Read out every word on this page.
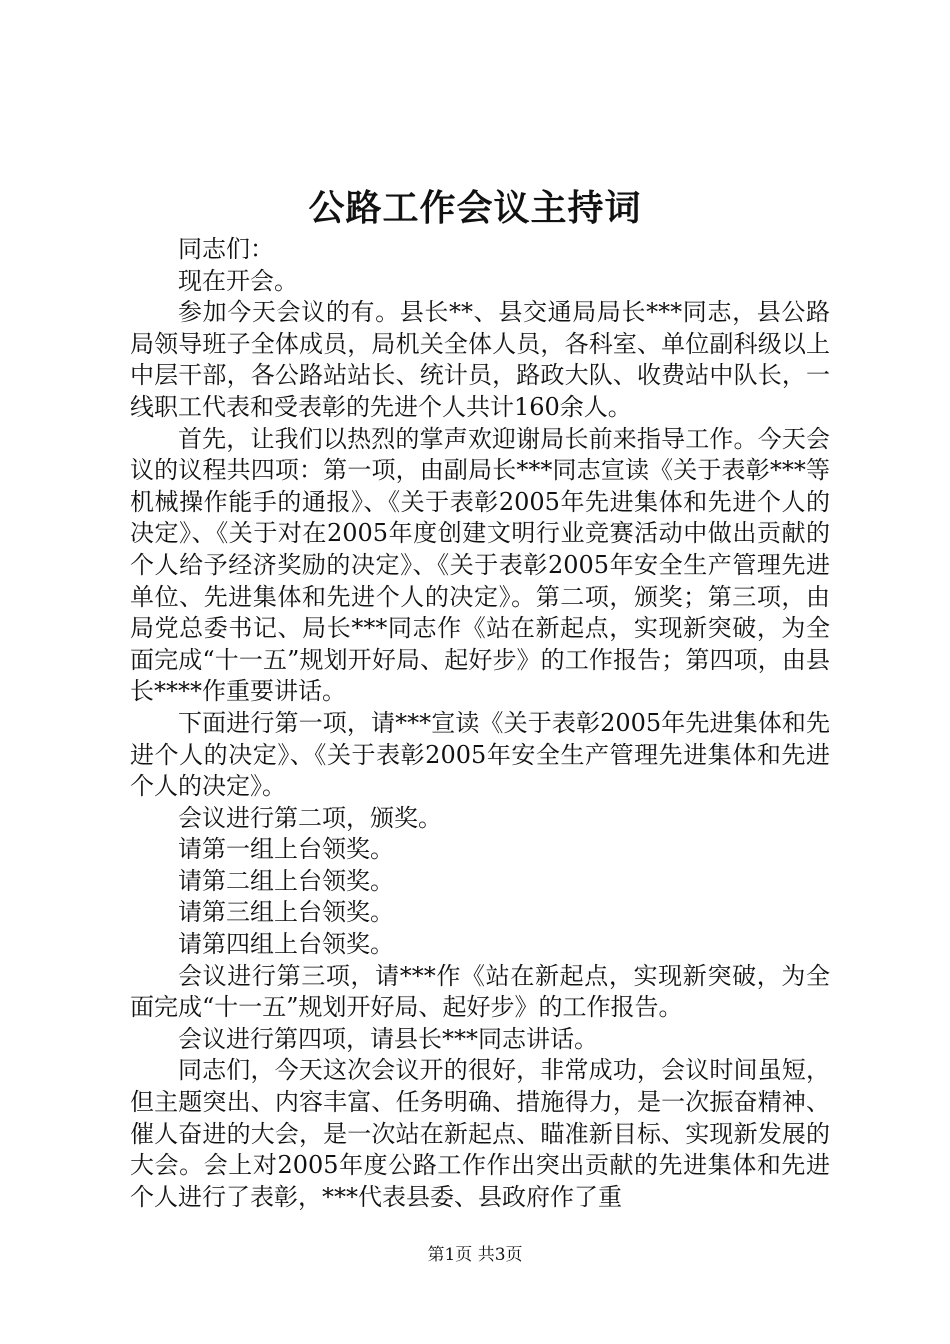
公路工作会议主持词

同志们：

现在开会。

参加今天会议的有。县长**、县交通局局长***同志，县公路局领导班子全体成员，局机关全体人员，各科室、单位副科级以上中层干部，各公路站站长、统计员，路政大队、收费站中队长，一线职工代表和受表彰的先进个人共计160余人。

首先，让我们以热烈的掌声欢迎谢局长前来指导工作。今天会议的议程共四项：第一项，由副局长***同志宣读《关于表彰***等机械操作能手的通报》、《关于表彰2005年先进集体和先进个人的决定》、《关于对在2005年度创建文明行业竞赛活动中做出贡献的个人给予经济奖励的决定》、《关于表彰2005年安全生产管理先进单位、先进集体和先进个人的决定》。第二项，颁奖；第三项，由局党总委书记、局长***同志作《站在新起点，实现新突破，为全面完成“十一五”规划开好局、起好步》的工作报告；第四项，由县长****作重要讲话。

下面进行第一项，请***宣读《关于表彰2005年先进集体和先进个人的决定》、《关于表彰2005年安全生产管理先进集体和先进个人的决定》。

会议进行第二项，颁奖。

请第一组上台领奖。

请第二组上台领奖。

请第三组上台领奖。

请第四组上台领奖。

会议进行第三项，请***作《站在新起点，实现新突破，为全面完成“十一五”规划开好局、起好步》的工作报告。

会议进行第四项，请县长***同志讲话。

同志们，今天这次会议开的很好，非常成功，会议时间虽短，但主题突出、内容丰富、任务明确、措施得力，是一次振奋精神、催人奋进的大会，是一次站在新起点、瞄准新目标、实现新发展的大会。会上对2005年度公路工作作出突出贡献的先进集体和先进个人进行了表彰，***代表县委、县政府作了重

第1页 共3页
